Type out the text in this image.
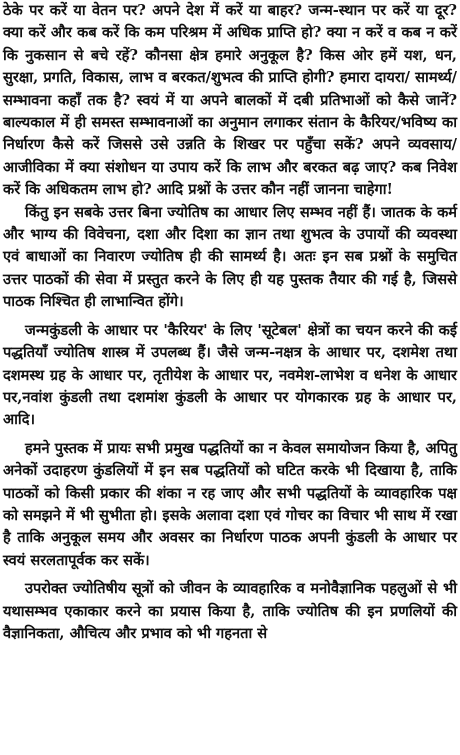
ठेके पर करें या वेतन पर? अपने देश में करें या बाहर? जन्म-स्थान पर करें या दूर? क्या करें और कब करें कि कम परिश्रम में अधिक प्राप्ति हो? क्या न करें व कब न करें कि नुकसान से बचे रहें? कौनसा क्षेत्र हमारे अनुकूल है? किस ओर हमें यश, धन, सुरक्षा, प्रगति, विकास, लाभ व बरकत/शुभत्व की प्राप्ति होगी? हमारा दायरा/ सामर्थ्य/सम्भावना कहाँ तक है? स्वयं में या अपने बालकों में दबी प्रतिभाओं को कैसे जानें? बाल्यकाल में ही समस्त सम्भावनाओं का अनुमान लगाकर संतान के कैरियर/भविष्य का निर्धारण कैसे करें जिससे उसे उन्नति के शिखर पर पहुँचा सकें? अपने व्यवसाय/आजीविका में क्या संशोधन या उपाय करें कि लाभ और बरकत बढ़ जाए? कब निवेश करें कि अधिकतम लाभ हो? आदि प्रश्नों के उत्तर कौन नहीं जानना चाहेगा!

किंतु इन सबके उत्तर बिना ज्योतिष का आधार लिए सम्भव नहीं हैं। जातक के कर्म और भाग्य की विवेचना, दशा और दिशा का ज्ञान तथा शुभत्व के उपायों की व्यवस्था एवं बाधाओं का निवारण ज्योतिष ही की सामर्थ्य है। अतः इन सब प्रश्नों के समुचित उत्तर पाठकों की सेवा में प्रस्तुत करने के लिए ही यह पुस्तक तैयार की गई है, जिससे पाठक निश्चित ही लाभान्वित होंगे।

जन्मकुंडली के आधार पर 'कैरियर' के लिए 'सूटेबल' क्षेत्रों का चयन करने की कई पद्धतियाँ ज्योतिष शास्त्र में उपलब्ध हैं। जैसे जन्म-नक्षत्र के आधार पर, दशमेश तथा दशमस्थ ग्रह के आधार पर, तृतीयेश के आधार पर, नवमेश-लाभेश व धनेश के आधार पर,नवांश कुंडली तथा दशमांश कुंडली के आधार पर योगकारक ग्रह के आधार पर, आदि।

हमने पुस्तक में प्रायः सभी प्रमुख पद्धतियों का न केवल समायोजन किया है, अपितु अनेकों उदाहरण कुंडलियों में इन सब पद्धतियों को घटित करके भी दिखाया है, ताकि पाठकों को किसी प्रकार की शंका न रह जाए और सभी पद्धतियों के व्यावहारिक पक्ष को समझने में भी सुभीता हो। इसके अलावा दशा एवं गोचर का विचार भी साथ में रखा है ताकि अनुकूल समय और अवसर का निर्धारण पाठक अपनी कुंडली के आधार पर स्वयं सरलतापूर्वक कर सकें।

उपरोक्त ज्योतिषीय सूत्रों को जीवन के व्यावहारिक व मनोवैज्ञानिक पहलुओं से भी यथासम्भव एकाकार करने का प्रयास किया है, ताकि ज्योतिष की इन प्रणलियों की वैज्ञानिकता, औचित्य और प्रभाव को भी गहनता से
